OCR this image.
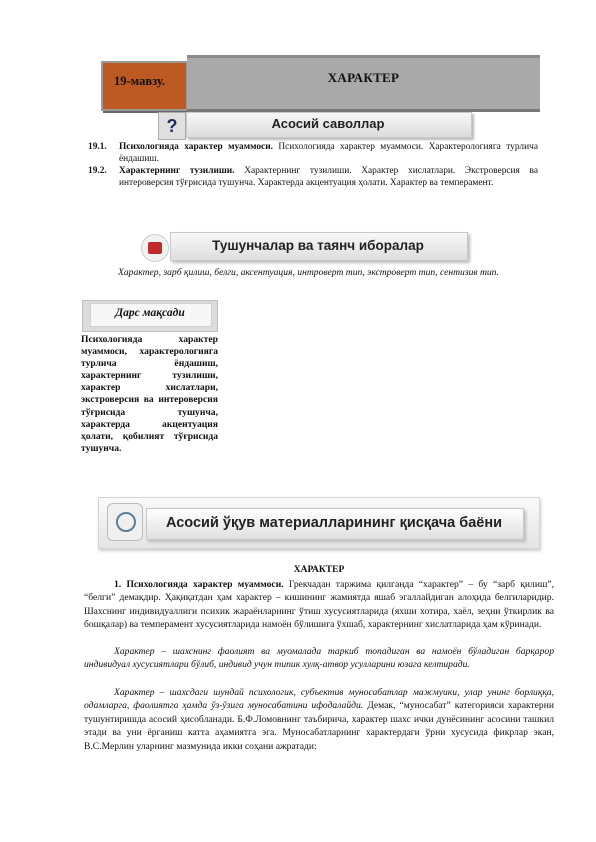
19-мавзу.	ХАРАКТЕР
?	Асосий саволлар
19.1. Психологияда характер муаммоси. Психологияда характер муаммоси. Характерологияга турлича ёндашиш.
19.2. Характернинг тузилиши. Характернинг тузилиши. Характер хислатлари. Экстроверсия ва интероверсия тўғрисида тушунча. Характерда акцентуация ҳолати. Характер ва темперамент.
Тушунчалар ва таянч иборалар
Характер, зарб қилиш, белги, аксентуация, интроверт тип, экстроверт тип, сентизив тип.
Дарс мақсади
Психологияда характер муаммоси, характерологияга турлича ёндашиш, характернинг тузилиши, характер хислатлари, экстроверсия ва интероверсия тўғрисида тушунча, характерда акцентуация ҳолати, қобилият тўғрисида тушунча.
Асосий ўқув материалларининг қисқача баёни
ХАРАКТЕР

1. Психологияда характер муаммоси. Грекчадан таржима қилганда “характер” – бу “зарб қилиш”, “белги” демакдир. Ҳақиқатдан ҳам характер – кишининг жамиятда яшаб эгаллайдиган алоҳида белгиларидир. Шахснинг индивидуаллиги психик жараёнларнинг ўтиш хусусиятларида (яхши хотира, хаёл, зеҳни ўткирлик ва бошқалар) ва темперамент хусусиятларида намоён бўлишига ўхшаб, характернинг хислатларида ҳам кўринади.

Характер – шахснинг фаолият ва муомалада таркиб топадиган ва намоён бўладиган барқарор индивидуал хусусиятлари бўлиб, индивид учун типик хулқ-атвор усулларини юзага келтиради.

Характер – шахсдаги шундай психологик, субъектив муносабатлар мажмуики, улар унинг борлиққа, одамларга, фаолиятга ҳамда ўз-ўзига муносабатини ифодалайди. Демак, “муносабат” категорияси характерни тушунтиришда асосий ҳисобланади. Б.Ф.Ломовнинг таъбирича, характер шахс ички дунёсининг асосини ташкил этади ва уни ёрганиш катта аҳамиятга эга. Муносабатларнинг характердаги ўрни хусусида фикрлар экан, В.С.Мерлин уларнинг мазмунида икки соҳани ажратади:
